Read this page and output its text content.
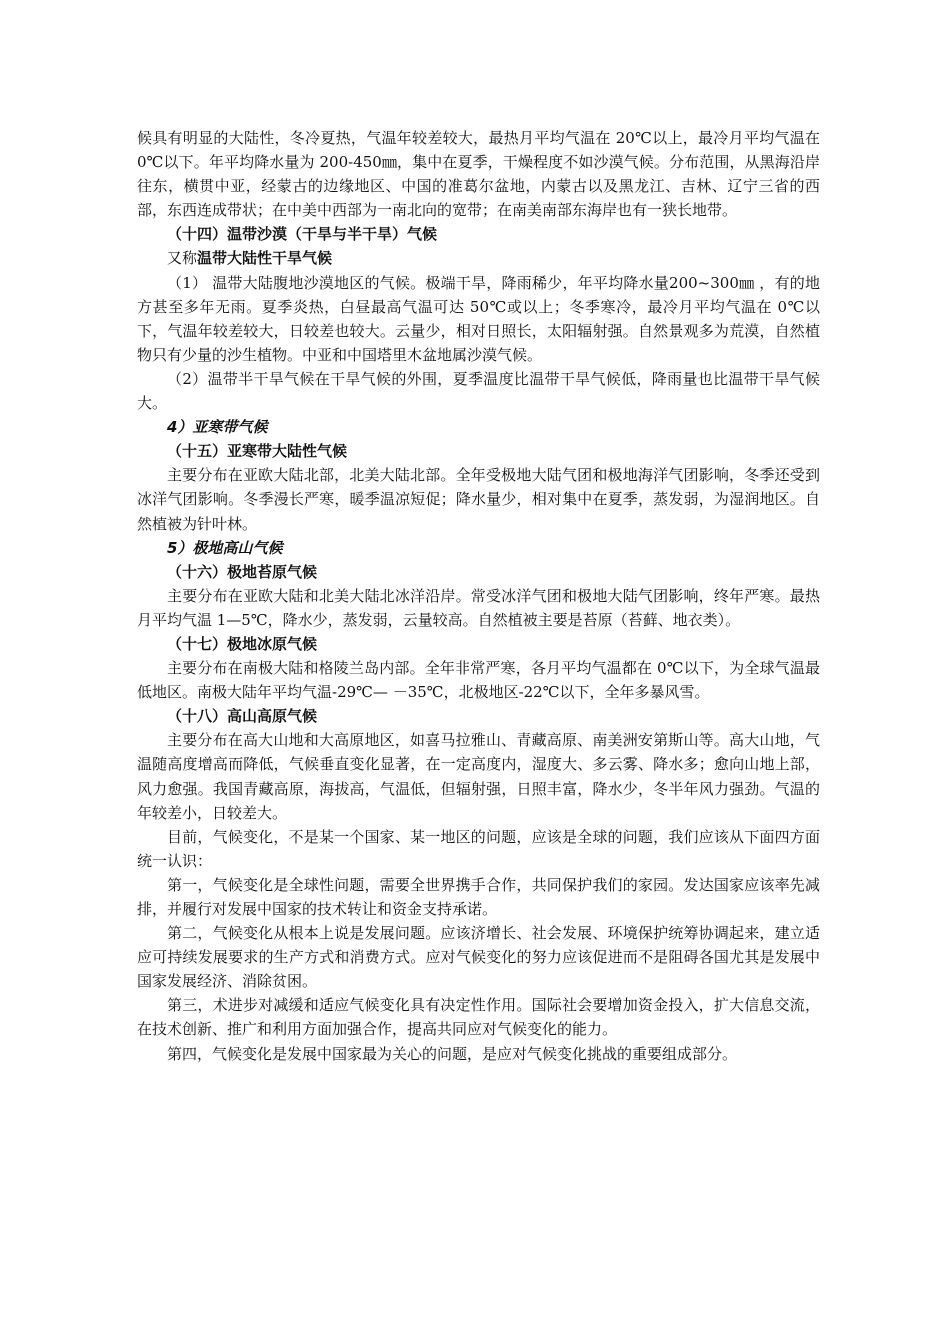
候具有明显的大陆性，冬冷夏热，气温年较差较大，最热月平均气温在 20℃以上，最冷月平均气温在 0℃以下。年平均降水量为 200-450㎜，集中在夏季，干燥程度不如沙漠气候。分布范围，从黑海沿岸往东，横贯中亚，经蒙古的边缘地区、中国的准葛尔盆地，内蒙古以及黑龙江、吉林、辽宁三省的西部，东西连成带状；在中美中西部为一南北向的宽带；在南美南部东海岸也有一狭长地带。

（十四）温带沙漠（干旱与半干旱）气候

又称温带大陆性干旱气候

（1） 温带大陆腹地沙漠地区的气候。极端干旱，降雨稀少，年平均降水量200~300㎜ ，有的地方甚至多年无雨。夏季炎热，白昼最高气温可达 50℃或以上；冬季寒冷，最冷月平均气温在 0℃以下，气温年较差较大，日较差也较大。云量少，相对日照长，太阳辐射强。自然景观多为荒漠，自然植物只有少量的沙生植物。中亚和中国塔里木盆地属沙漠气候。

（2）温带半干旱气候在干旱气候的外围，夏季温度比温带干旱气候低，降雨量也比温带干旱气候大。

4）亚寒带气候

（十五）亚寒带大陆性气候

主要分布在亚欧大陆北部，北美大陆北部。全年受极地大陆气团和极地海洋气团影响，冬季还受到冰洋气团影响。冬季漫长严寒，暖季温凉短促；降水量少，相对集中在夏季，蒸发弱，为湿润地区。自然植被为针叶林。

5）极地高山气候

（十六）极地苔原气候

主要分布在亚欧大陆和北美大陆北冰洋沿岸。常受冰洋气团和极地大陆气团影响，终年严寒。最热月平均气温 1—5℃，降水少，蒸发弱，云量较高。自然植被主要是苔原（苔藓、地衣类）。

（十七）极地冰原气候

主要分布在南极大陆和格陵兰岛内部。全年非常严寒，各月平均气温都在 0℃以下，为全球气温最低地区。南极大陆年平均气温-29℃— －35℃，北极地区-22℃以下，全年多暴风雪。

（十八）高山高原气候

主要分布在高大山地和大高原地区，如喜马拉雅山、青藏高原、南美洲安第斯山等。高大山地，气温随高度增高而降低，气候垂直变化显著，在一定高度内，湿度大、多云雾、降水多；愈向山地上部，风力愈强。我国青藏高原，海拔高，气温低，但辐射强，日照丰富，降水少，冬半年风力强劲。气温的年较差小，日较差大。

目前，气候变化，不是某一个国家、某一地区的问题，应该是全球的问题，我们应该从下面四方面统一认识：

第一，气候变化是全球性问题，需要全世界携手合作，共同保护我们的家园。发达国家应该率先减排，并履行对发展中国家的技术转让和资金支持承诺。

第二，气候变化从根本上说是发展问题。应该济增长、社会发展、环境保护统筹协调起来，建立适应可持续发展要求的生产方式和消费方式。应对气候变化的努力应该促进而不是阻碍各国尤其是发展中国家发展经济、消除贫困。

第三，术进步对减缓和适应气候变化具有决定性作用。国际社会要增加资金投入，扩大信息交流，在技术创新、推广和利用方面加强合作，提高共同应对气候变化的能力。

第四，气候变化是发展中国家最为关心的问题，是应对气候变化挑战的重要组成部分。
